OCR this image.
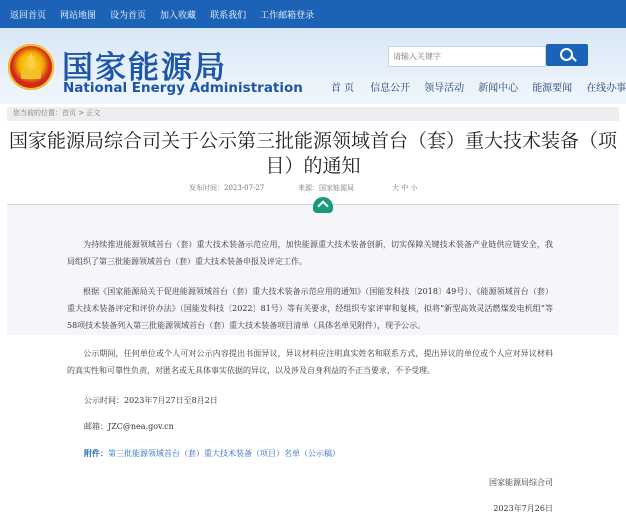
返回首页 网站地图 设为首页 加入收藏 联系我们 工作邮箱登录
★ 国家能源局
National Energy Administration
请输入关键字	首 页 信息公开 领导活动 新闻中心 能源要闻 在线办事
您当前的位置：首页 > 正文
国家能源局综合司关于公示第三批能源领域首台（套）重大技术装备（项目）的通知
发布时间：2023-07-27	来源：国家能源局	大 中 小
为持续推进能源领域首台（套）重大技术装备示范应用，加快能源重大技术装备创新，切实保障关键技术装备产业链供应链安全，我局组织了第三批能源领域首台（套）重大技术装备申报及评定工作。
根据《国家能源局关于促进能源领域首台（套）重大技术装备示范应用的通知》（国能发科技〔2018〕49号）、《能源领域首台（套）重大技术装备评定和评价办法》（国能发科技〔2022〕81号）等有关要求，经组织专家评审和复核，拟将“新型高效灵活燃煤发电机组”等58项技术装备列入第三批能源领域首台（套）重大技术装备项目清单（具体名单见附件），现予公示。
公示期间，任何单位或个人可对公示内容提出书面异议，异议材料应注明真实姓名和联系方式，提出异议的单位或个人应对异议材料的真实性和可靠性负责，对匿名或无具体事实依据的异议，以及涉及自身利益的不正当要求，不予受理。
公示时间：2023年7月27日至8月2日
邮箱：JZC@nea.gov.cn
附件：第三批能源领域首台（套）重大技术装备（项目）名单（公示稿）
国家能源局综合司
2023年7月26日
